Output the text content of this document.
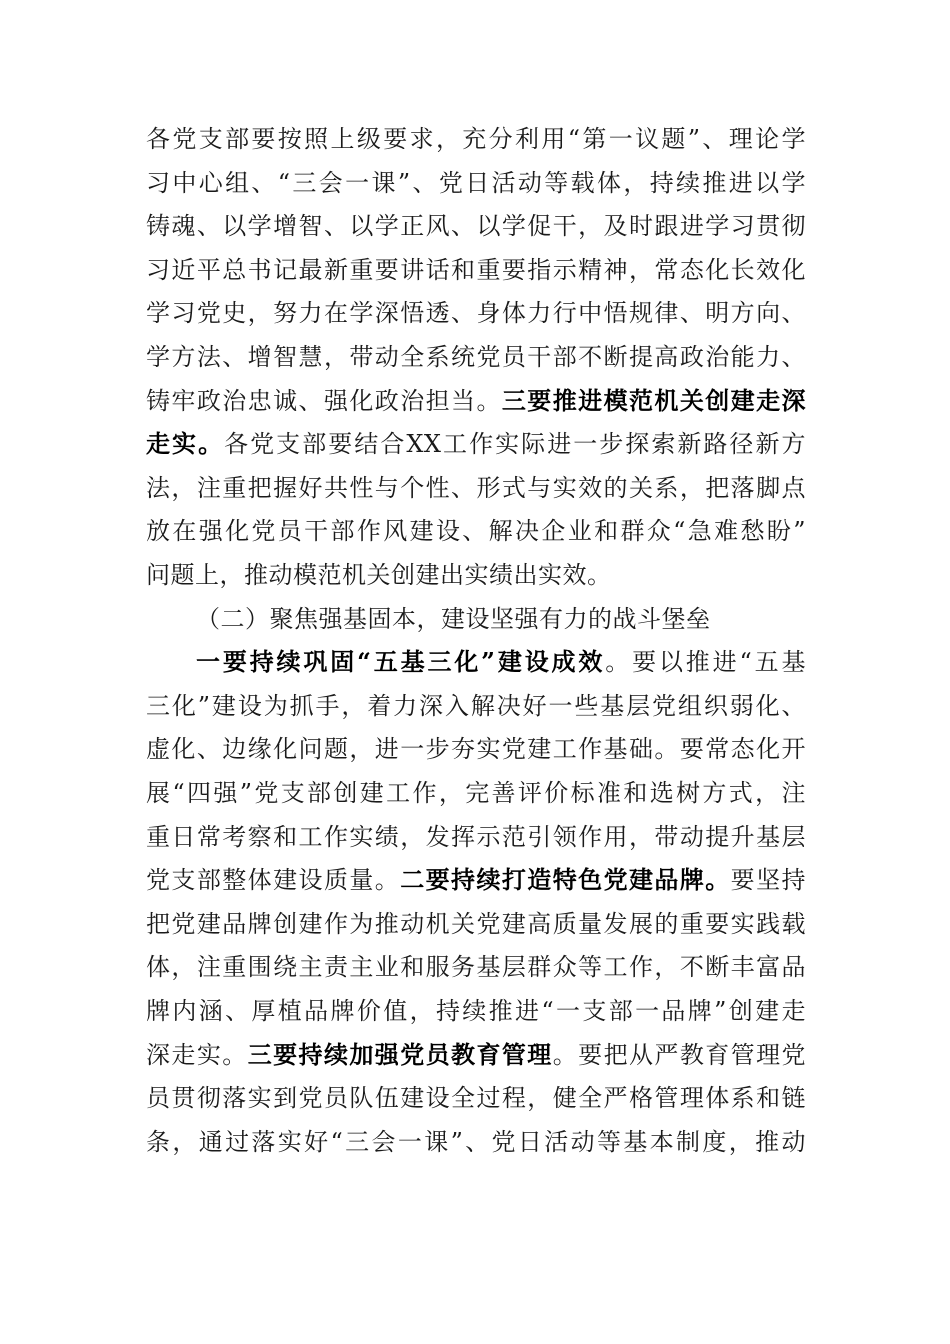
各党支部要按照上级要求，充分利用“第一议题”、理论学
习中心组、“三会一课”、党日活动等载体，持续推进以学
铸魂、以学增智、以学正风、以学促干，及时跟进学习贯彻
习近平总书记最新重要讲话和重要指示精神，常态化长效化
学习党史，努力在学深悟透、身体力行中悟规律、明方向、
学方法、增智慧，带动全系统党员干部不断提高政治能力、
铸牢政治忠诚、强化政治担当。三要推进模范机关创建走深
走实。各党支部要结合XX工作实际进一步探索新路径新方
法，注重把握好共性与个性、形式与实效的关系，把落脚点
放在强化党员干部作风建设、解决企业和群众“急难愁盼”
问题上，推动模范机关创建出实绩出实效。
（二）聚焦强基固本，建设坚强有力的战斗堡垒
一要持续巩固“五基三化”建设成效。要以推进“五基
三化”建设为抓手，着力深入解决好一些基层党组织弱化、
虚化、边缘化问题，进一步夯实党建工作基础。要常态化开
展“四强”党支部创建工作，完善评价标准和选树方式，注
重日常考察和工作实绩，发挥示范引领作用，带动提升基层
党支部整体建设质量。二要持续打造特色党建品牌。要坚持
把党建品牌创建作为推动机关党建高质量发展的重要实践载
体，注重围绕主责主业和服务基层群众等工作，不断丰富品
牌内涵、厚植品牌价值，持续推进“一支部一品牌”创建走
深走实。三要持续加强党员教育管理。要把从严教育管理党
员贯彻落实到党员队伍建设全过程，健全严格管理体系和链
条，通过落实好“三会一课”、党日活动等基本制度，推动
